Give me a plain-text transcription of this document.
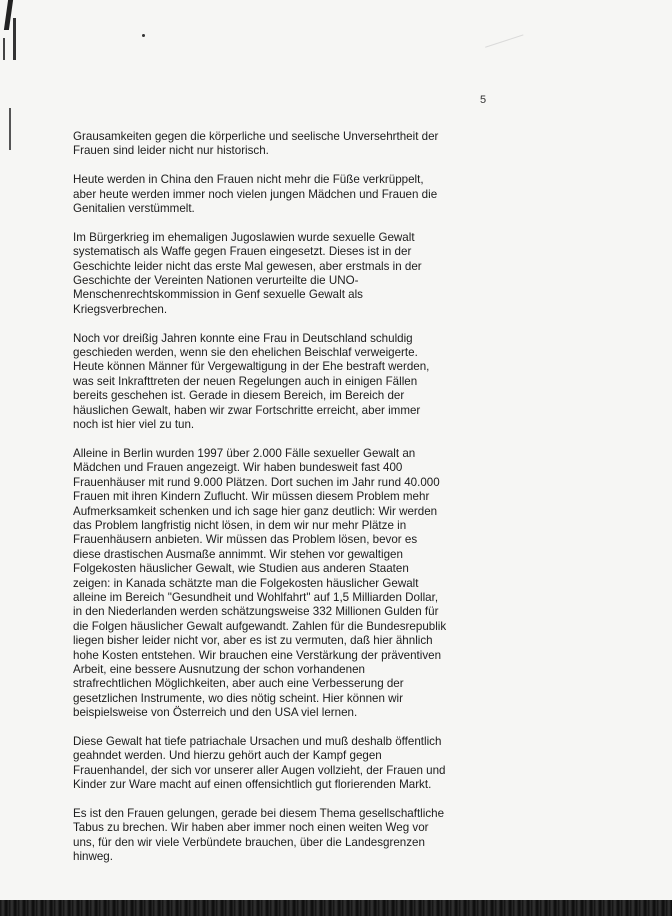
5

Grausamkeiten gegen die körperliche und seelische Unversehrtheit der
Frauen sind leider nicht nur historisch.

Heute werden in China den Frauen nicht mehr die Füße verkrüppelt,
aber heute werden immer noch vielen jungen Mädchen und Frauen die
Genitalien verstümmelt.

Im Bürgerkrieg im ehemaligen Jugoslawien wurde sexuelle Gewalt
systematisch als Waffe gegen Frauen eingesetzt. Dieses ist in der
Geschichte leider nicht das erste Mal gewesen, aber erstmals in der
Geschichte der Vereinten Nationen verurteilte die UNO-
Menschenrechtskommission in Genf sexuelle Gewalt als
Kriegsverbrechen.

Noch vor dreißig Jahren konnte eine Frau in Deutschland schuldig
geschieden werden, wenn sie den ehelichen Beischlaf verweigerte.
Heute können Männer für Vergewaltigung in der Ehe bestraft werden,
was seit Inkrafttreten der neuen Regelungen auch in einigen Fällen
bereits geschehen ist. Gerade in diesem Bereich, im Bereich der
häuslichen Gewalt, haben wir zwar Fortschritte erreicht, aber immer
noch ist hier viel zu tun.

Alleine in Berlin wurden 1997 über 2.000 Fälle sexueller Gewalt an
Mädchen und Frauen angezeigt. Wir haben bundesweit fast 400
Frauenhäuser mit rund 9.000 Plätzen. Dort suchen im Jahr rund 40.000
Frauen mit ihren Kindern Zuflucht. Wir müssen diesem Problem mehr
Aufmerksamkeit schenken und ich sage hier ganz deutlich: Wir werden
das Problem langfristig nicht lösen, in dem wir nur mehr Plätze in
Frauenhäusern anbieten. Wir müssen das Problem lösen, bevor es
diese drastischen Ausmaße annimmt. Wir stehen vor gewaltigen
Folgekosten häuslicher Gewalt, wie Studien aus anderen Staaten
zeigen: in Kanada schätzte man die Folgekosten häuslicher Gewalt
alleine im Bereich "Gesundheit und Wohlfahrt" auf 1,5 Milliarden Dollar,
in den Niederlanden werden schätzungsweise 332 Millionen Gulden für
die Folgen häuslicher Gewalt aufgewandt. Zahlen für die Bundesrepublik
liegen bisher leider nicht vor, aber es ist zu vermuten, daß hier ähnlich
hohe Kosten entstehen. Wir brauchen eine Verstärkung der präventiven
Arbeit, eine bessere Ausnutzung der schon vorhandenen
strafrechtlichen Möglichkeiten, aber auch eine Verbesserung der
gesetzlichen Instrumente, wo dies nötig scheint. Hier können wir
beispielsweise von Österreich und den USA viel lernen.

Diese Gewalt hat tiefe patriachale Ursachen und muß deshalb öffentlich
geahndet werden. Und hierzu gehört auch der Kampf gegen
Frauenhandel, der sich vor unserer aller Augen vollzieht, der Frauen und
Kinder zur Ware macht auf einen offensichtlich gut florierenden Markt.

Es ist den Frauen gelungen, gerade bei diesem Thema gesellschaftliche
Tabus zu brechen. Wir haben aber immer noch einen weiten Weg vor
uns, für den wir viele Verbündete brauchen, über die Landesgrenzen
hinweg.
